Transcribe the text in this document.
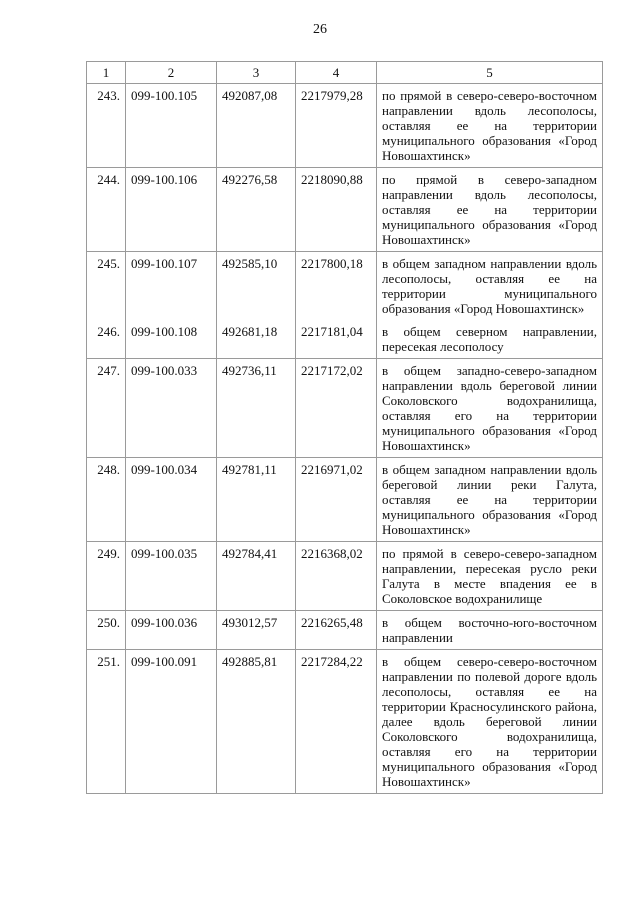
26
1	2	3	4	5
243.	099-100.105	492087,08	2217979,28	по прямой в северо-северо-восточном направлении вдоль лесополосы, оставляя ее на территории муниципального образования «Город Новошахтинск»
244.	099-100.106	492276,58	2218090,88	по прямой в северо-западном направлении вдоль лесополосы, оставляя ее на территории муниципального образования «Город Новошахтинск»
245.	099-100.107	492585,10	2217800,18	в общем западном направлении вдоль лесополосы, оставляя ее на территории муниципального образования «Город Новошахтинск»
246.	099-100.108	492681,18	2217181,04	в общем северном направлении, пересекая лесополосу
247.	099-100.033	492736,11	2217172,02	в общем западно-северо-западном направлении вдоль береговой линии Соколовского водохранилища, оставляя его на территории муниципального образования «Город Новошахтинск»
248.	099-100.034	492781,11	2216971,02	в общем западном направлении вдоль береговой линии реки Галута, оставляя ее на территории муниципального образования «Город Новошахтинск»
249.	099-100.035	492784,41	2216368,02	по прямой в северо-северо-западном направлении, пересекая русло реки Галута в месте впадения ее в Соколовское водохранилище
250.	099-100.036	493012,57	2216265,48	в общем восточно-юго-восточном направлении
251.	099-100.091	492885,81	2217284,22	в общем северо-северо-восточном направлении по полевой дороге вдоль лесополосы, оставляя ее на территории Красносулинского района, далее вдоль береговой линии Соколовского водохранилища, оставляя его на территории муниципального образования «Город Новошахтинск»
